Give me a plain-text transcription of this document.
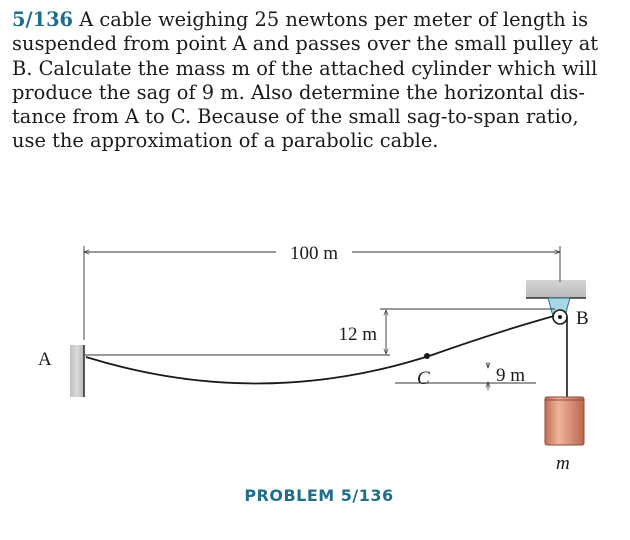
5/136 A cable weighing 25 newtons per meter of length is
suspended from point A and passes over the small pulley at
B. Calculate the mass m of the attached cylinder which will
produce the sag of 9 m. Also determine the horizontal dis-
tance from A to C. Because of the small sag-to-span ratio,
use the approximation of a parabolic cable.

100 m
12 m
9 m
A
C
B
m
PROBLEM 5/136
